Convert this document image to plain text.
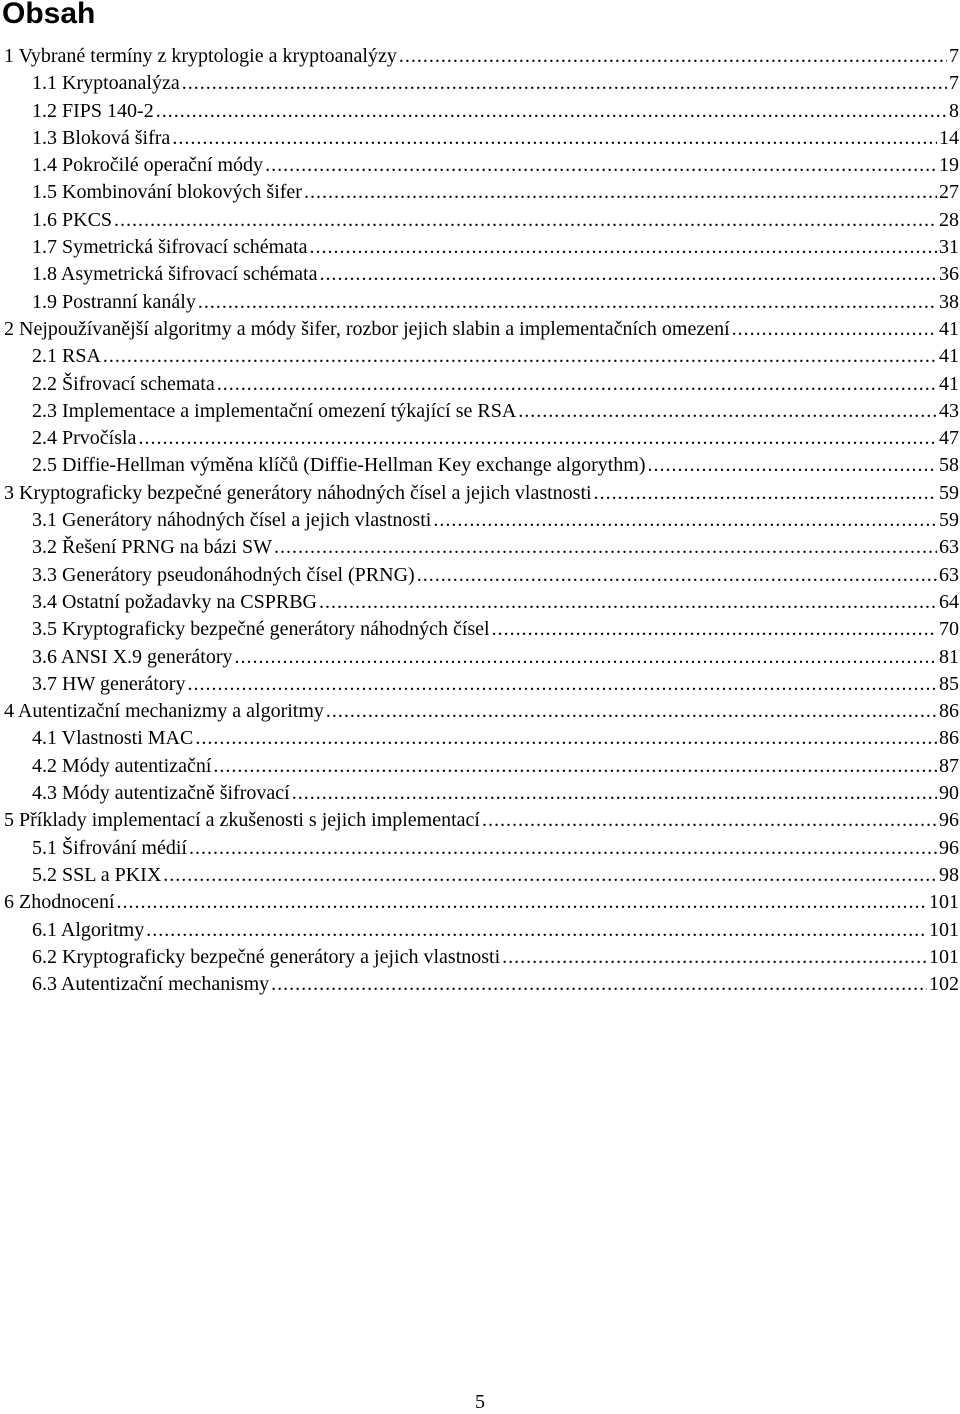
Obsah
1 Vybrané termíny z kryptologie a kryptoanalýzy .....	7
1.1 Kryptoanalýza .....	7
1.2 FIPS 140-2 .....	8
1.3 Bloková šifra .....	14
1.4 Pokročilé operační módy .....	19
1.5 Kombinování blokových šifer .....	27
1.6 PKCS .....	28
1.7 Symetrická šifrovací schémata .....	31
1.8 Asymetrická šifrovací schémata .....	36
1.9 Postranní kanály .....	38
2 Nejpoužívanější algoritmy a módy šifer, rozbor jejich slabin a implementačních omezení .....	41
2.1 RSA .....	41
2.2 Šifrovací schemata .....	41
2.3 Implementace a implementační omezení týkající se RSA .....	43
2.4 Prvočísla .....	47
2.5 Diffie-Hellman výměna klíčů (Diffie-Hellman Key exchange algorythm) .....	58
3 Kryptograficky bezpečné generátory náhodných čísel a jejich vlastnosti .....	59
3.1 Generátory náhodných čísel a jejich vlastnosti .....	59
3.2 Řešení PRNG na bázi SW .....	63
3.3 Generátory pseudonáhodných čísel (PRNG) .....	63
3.4 Ostatní požadavky na CSPRBG .....	64
3.5 Kryptograficky bezpečné generátory náhodných čísel .....	70
3.6 ANSI X.9 generátory .....	81
3.7 HW generátory .....	85
4 Autentizační mechanizmy a algoritmy .....	86
4.1 Vlastnosti MAC .....	86
4.2 Módy autentizační .....	87
4.3 Módy autentizačně šifrovací .....	90
5 Příklady implementací a zkušenosti s jejich implementací .....	96
5.1 Šifrování médií .....	96
5.2 SSL a PKIX .....	98
6 Zhodnocení .....	101
6.1 Algoritmy .....	101
6.2 Kryptograficky bezpečné generátory a jejich vlastnosti .....	101
6.3 Autentizační mechanismy .....	102
5
